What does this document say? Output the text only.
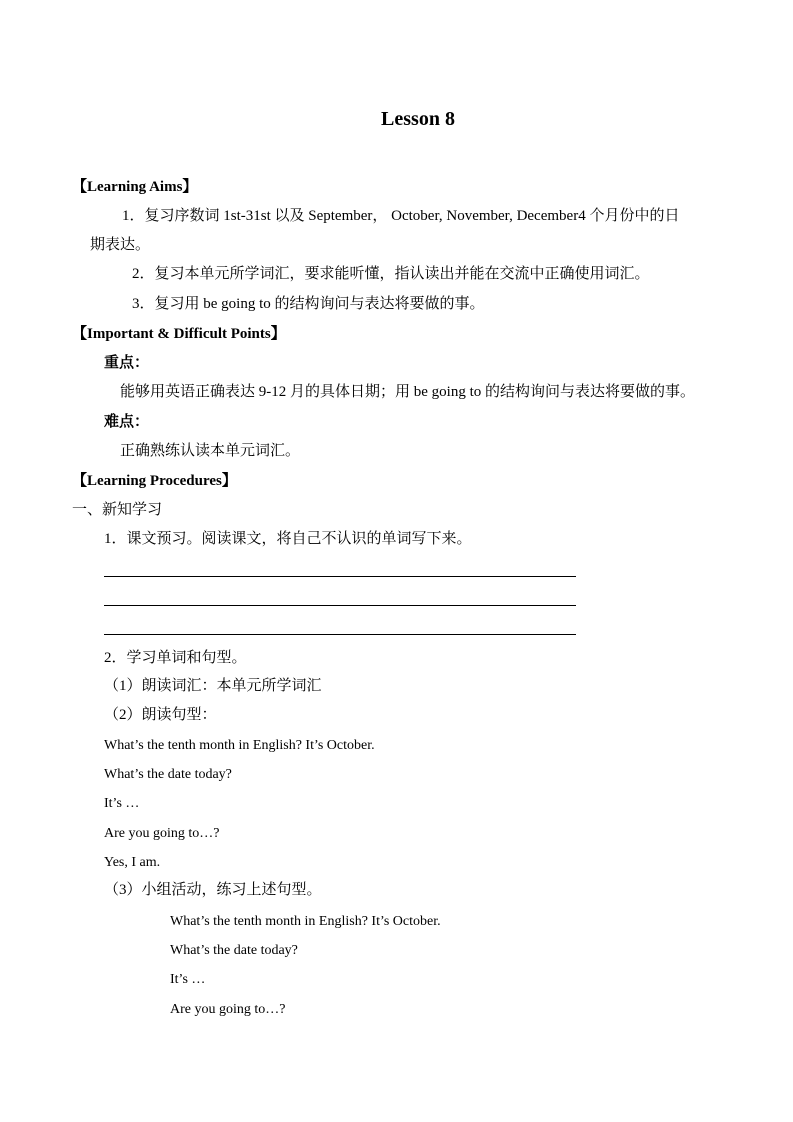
Lesson 8
【Learning Aims】
1．复习序数词 1st-31st 以及 September， October, November, December4 个月份中的日
期表达。
2．复习本单元所学词汇，要求能听懂，指认读出并能在交流中正确使用词汇。
3．复习用 be going to 的结构询问与表达将要做的事。
【Important & Difficult Points】
重点：
能够用英语正确表达 9-12 月的具体日期；用 be going to 的结构询问与表达将要做的事。
难点：
正确熟练认读本单元词汇。
【Learning Procedures】
一、新知学习
1．课文预习。阅读课文，将自己不认识的单词写下来。
2．学习单词和句型。
（1）朗读词汇：本单元所学词汇
（2）朗读句型：
What’s the tenth month in English? It’s October.
What’s the date today?
It’s …
Are you going to…?
Yes, I am.
（3）小组活动，练习上述句型。
What’s the tenth month in English? It’s October.
What’s the date today?
It’s …
Are you going to…?
